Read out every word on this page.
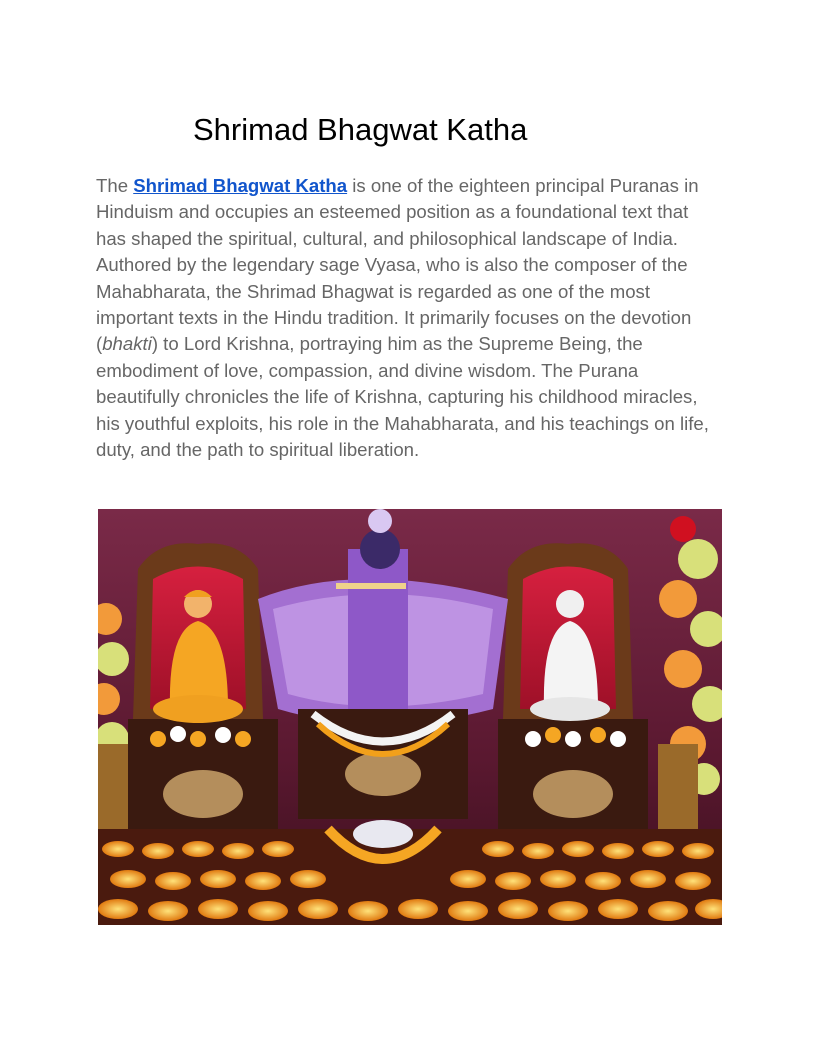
Shrimad Bhagwat Katha

The Shrimad Bhagwat Katha is one of the eighteen principal Puranas in Hinduism and occupies an esteemed position as a foundational text that has shaped the spiritual, cultural, and philosophical landscape of India. Authored by the legendary sage Vyasa, who is also the composer of the Mahabharata, the Shrimad Bhagwat is regarded as one of the most important texts in the Hindu tradition. It primarily focuses on the devotion (bhakti) to Lord Krishna, portraying him as the Supreme Being, the embodiment of love, compassion, and divine wisdom. The Purana beautifully chronicles the life of Krishna, capturing his childhood miracles, his youthful exploits, his role in the Mahabharata, and his teachings on life, duty, and the path to spiritual liberation.
